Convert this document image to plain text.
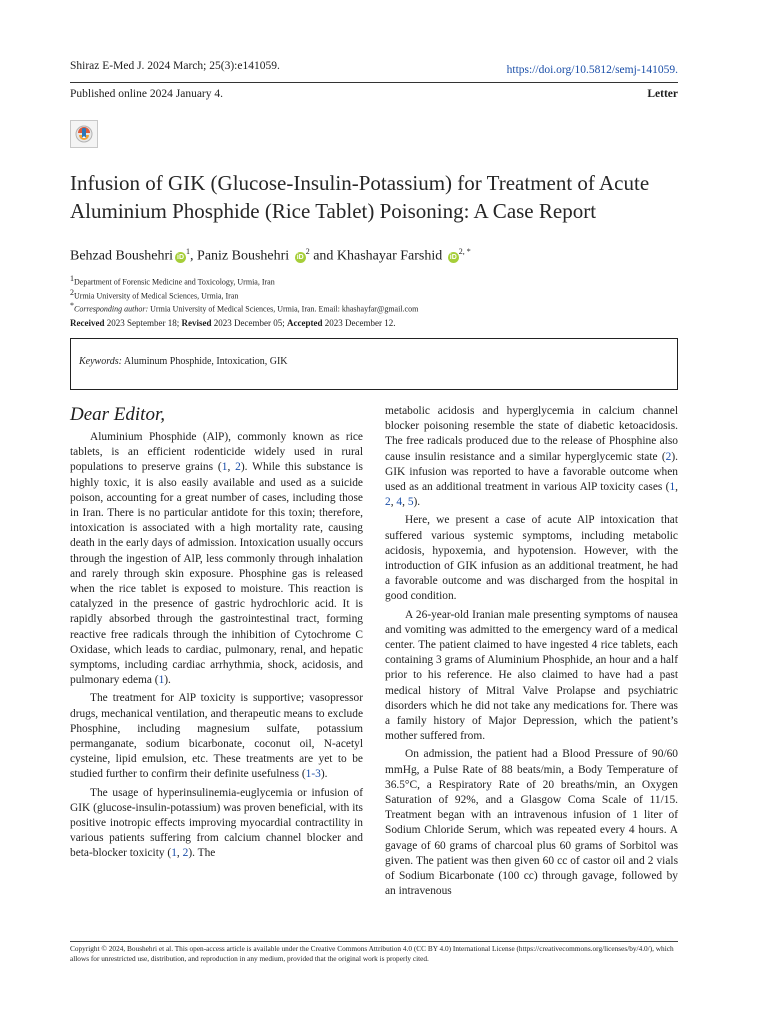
Shiraz E-Med J. 2024 March; 25(3):e141059.	https://doi.org/10.5812/semj-141059.
Published online 2024 January 4.	Letter
Infusion of GIK (Glucose-Insulin-Potassium) for Treatment of Acute Aluminium Phosphide (Rice Tablet) Poisoning: A Case Report
Behzad Boushehri $iD^1$, Paniz Boushehri $iD^2$ and Khashayar Farshid $iD^{2, *}$
$^1$Department of Forensic Medicine and Toxicology, Urmia, Iran
$^2$Urmia University of Medical Sciences, Urmia, Iran
*Corresponding author: Urmia University of Medical Sciences, Urmia, Iran. Email: khashayfar@gmail.com
Received 2023 September 18; Revised 2023 December 05; Accepted 2023 December 12.
Keywords: Aluminum Phosphide, Intoxication, GIK
Dear Editor,

Aluminium Phosphide (AlP), commonly known as rice tablets, is an efficient rodenticide widely used in rural populations to preserve grains (1, 2). While this substance is highly toxic, it is also easily available and used as a suicide poison, accounting for a great number of cases, including those in Iran. There is no particular antidote for this toxin; therefore, intoxication is associated with a high mortality rate, causing death in the early days of admission. Intoxication usually occurs through the ingestion of AlP, less commonly through inhalation and rarely through skin exposure. Phosphine gas is released when the rice tablet is exposed to moisture. This reaction is catalyzed in the presence of gastric hydrochloric acid. It is rapidly absorbed through the gastrointestinal tract, forming reactive free radicals through the inhibition of Cytochrome C Oxidase, which leads to cardiac, pulmonary, renal, and hepatic symptoms, including cardiac arrhythmia, shock, acidosis, and pulmonary edema (1).

The treatment for AlP toxicity is supportive; vasopressor drugs, mechanical ventilation, and therapeutic means to exclude Phosphine, including magnesium sulfate, potassium permanganate, sodium bicarbonate, coconut oil, N-acetyl cysteine, lipid emulsion, etc. These treatments are yet to be studied further to confirm their definite usefulness (1-3).

The usage of hyperinsulinemia-euglycemia or infusion of GIK (glucose-insulin-potassium) was proven beneficial, with its positive inotropic effects improving myocardial contractility in various patients suffering from calcium channel blocker and beta-blocker toxicity (1, 2). The

metabolic acidosis and hyperglycemia in calcium channel blocker poisoning resemble the state of diabetic ketoacidosis. The free radicals produced due to the release of Phosphine also cause insulin resistance and a similar hyperglycemic state (2). GIK infusion was reported to have a favorable outcome when used as an additional treatment in various AlP toxicity cases (1, 2, 4, 5).

Here, we present a case of acute AlP intoxication that suffered various systemic symptoms, including metabolic acidosis, hypoxemia, and hypotension. However, with the introduction of GIK infusion as an additional treatment, he had a favorable outcome and was discharged from the hospital in good condition.

A 26-year-old Iranian male presenting symptoms of nausea and vomiting was admitted to the emergency ward of a medical center. The patient claimed to have ingested 4 rice tablets, each containing 3 grams of Aluminium Phosphide, an hour and a half prior to his reference. He also claimed to have had a past medical history of Mitral Valve Prolapse and psychiatric disorders which he did not take any medications for. There was a family history of Major Depression, which the patient’s mother suffered from.

On admission, the patient had a Blood Pressure of 90/60 mmHg, a Pulse Rate of 88 beats/min, a Body Temperature of 36.5°C, a Respiratory Rate of 20 breaths/min, an Oxygen Saturation of 92%, and a Glasgow Coma Scale of 11/15. Treatment began with an intravenous infusion of 1 liter of Sodium Chloride Serum, which was repeated every 4 hours. A gavage of 60 grams of charcoal plus 60 grams of Sorbitol was given. The patient was then given 60 cc of castor oil and 2 vials of Sodium Bicarbonate (100 cc) through gavage, followed by an intravenous

Copyright © 2024, Boushehri et al. This open-access article is available under the Creative Commons Attribution 4.0 (CC BY 4.0) International License (https://creativecommons.org/licenses/by/4.0/), which allows for unrestricted use, distribution, and reproduction in any medium, provided that the original work is properly cited.
